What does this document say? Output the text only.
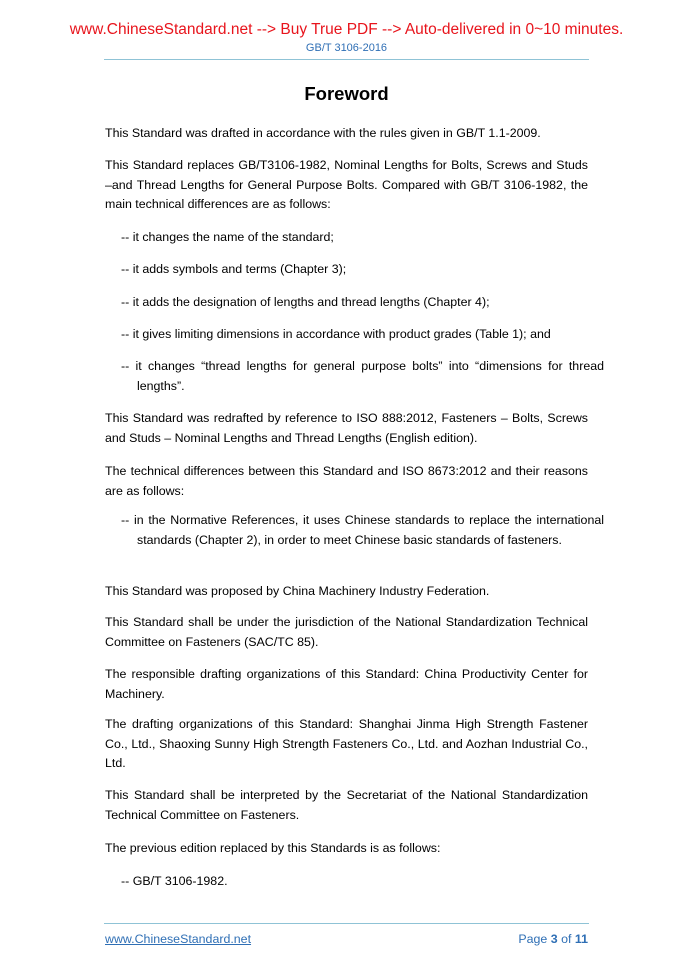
www.ChineseStandard.net --> Buy True PDF --> Auto-delivered in 0~10 minutes.
GB/T 3106-2016
Foreword
This Standard was drafted in accordance with the rules given in GB/T 1.1-2009.
This Standard replaces GB/T3106-1982, Nominal Lengths for Bolts, Screws and Studs –and Thread Lengths for General Purpose Bolts. Compared with GB/T 3106-1982, the main technical differences are as follows:
-- it changes the name of the standard;
-- it adds symbols and terms (Chapter 3);
-- it adds the designation of lengths and thread lengths (Chapter 4);
-- it gives limiting dimensions in accordance with product grades (Table 1); and
-- it changes “thread lengths for general purpose bolts” into “dimensions for thread lengths”.
This Standard was redrafted by reference to ISO 888:2012, Fasteners – Bolts, Screws and Studs – Nominal Lengths and Thread Lengths (English edition).
The technical differences between this Standard and ISO 8673:2012 and their reasons are as follows:
-- in the Normative References, it uses Chinese standards to replace the international standards (Chapter 2), in order to meet Chinese basic standards of fasteners.
This Standard was proposed by China Machinery Industry Federation.
This Standard shall be under the jurisdiction of the National Standardization Technical Committee on Fasteners (SAC/TC 85).
The responsible drafting organizations of this Standard: China Productivity Center for Machinery.
The drafting organizations of this Standard: Shanghai Jinma High Strength Fastener Co., Ltd., Shaoxing Sunny High Strength Fasteners Co., Ltd. and Aozhan Industrial Co., Ltd.
This Standard shall be interpreted by the Secretariat of the National Standardization Technical Committee on Fasteners.
The previous edition replaced by this Standards is as follows:
-- GB/T 3106-1982.
www.ChineseStandard.net	Page 3 of 11
